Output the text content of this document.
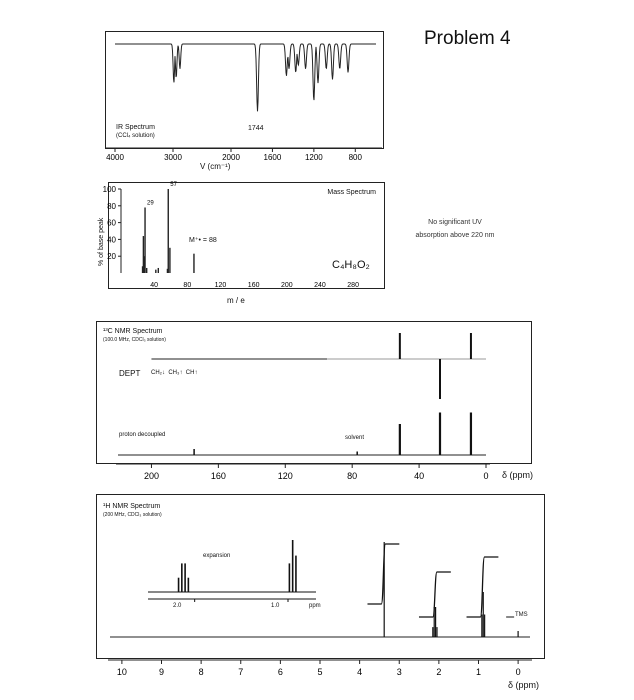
Problem 4
No significant UV
absorption above 220 nm
IR Spectrum
(CCl₄ solution)
1744
4000	3000	2000	1600	1200	800
V (cm⁻¹)
Mass Spectrum
C₄H₈O₂
M⁺• = 88
20
40
60
80
100
40	80	120	160	200	240	280
29
57
% of base peak
m / e
¹³C NMR Spectrum
(100.0 MHz, CDCl₃ solution)
DEPT CH₂↓ CH₃↑ CH↑
proton decoupled	solvent
200	160	120	80	40	0 δ (ppm)
¹H NMR Spectrum
(200 MHz, CDCl₃ solution)
expansion
2.0	1.0	ppm
TMS
10	9	8	7	6	5	4	3	2	1	0
δ (ppm)
